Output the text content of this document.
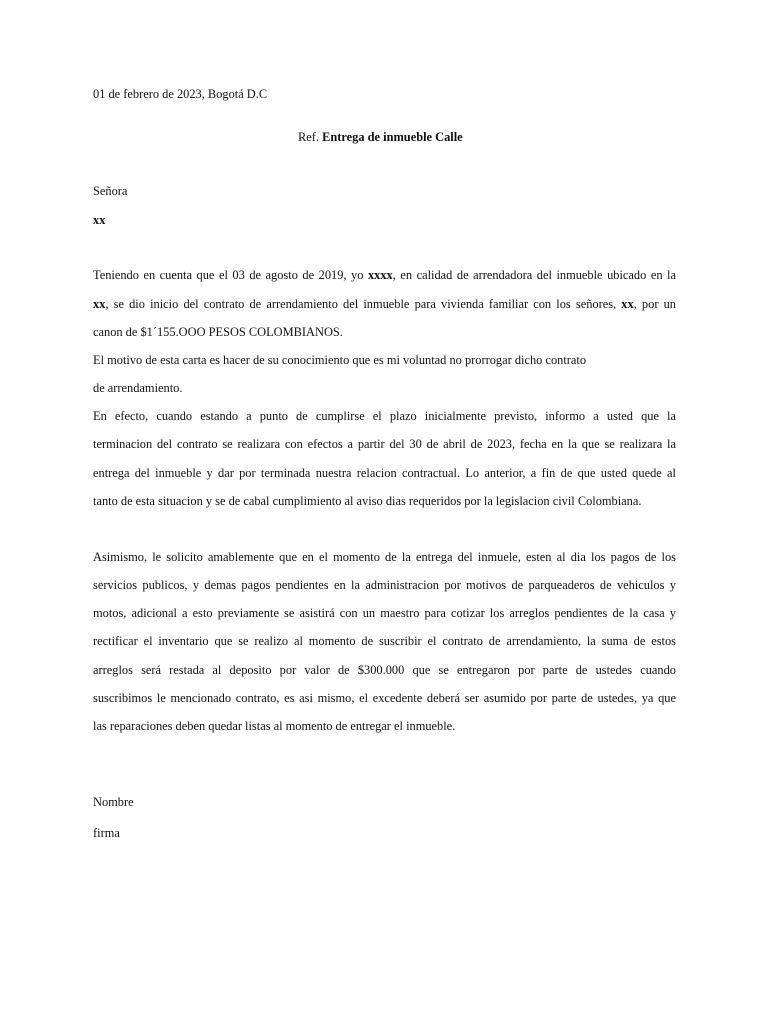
01 de febrero de 2023, Bogotá D.C
Ref. Entrega de inmueble Calle
Señora
xx
Teniendo en cuenta que el 03 de agosto de 2019, yo xxxx, en calidad de arrendadora del inmueble ubicado en la
xx, se dio inicio del contrato de arrendamiento del inmueble para vivienda familiar con los señores, xx, por un
canon de $1´155.OOO PESOS COLOMBIANOS.
El motivo de esta carta es hacer de su conocimiento que es mi voluntad no prorrogar dicho contrato
de arrendamiento.
En efecto, cuando estando a punto de cumplirse el plazo inicialmente previsto, informo a usted que la
terminacion del contrato se realizara con efectos a partir del 30 de abril de 2023, fecha en la que se realizara la
entrega del inmueble y dar por terminada nuestra relacion contractual. Lo anterior, a fin de que usted quede al
tanto de esta situacion y se de cabal cumplimiento al aviso dias requeridos por la legislacion civil Colombiana.
Asimismo, le solicito amablemente que en el momento de la entrega del inmuele, esten al dia los pagos de los
servicios publicos, y demas pagos pendientes en la administracion por motivos de parqueaderos de vehiculos y
motos, adicional a esto previamente se asistirá con un maestro para cotizar los arreglos pendientes de la casa y
rectificar el inventario que se realizo al momento de suscribir el contrato de arrendamiento, la suma de estos
arreglos será restada al deposito por valor de $300.000 que se entregaron por parte de ustedes cuando
suscribimos le mencionado contrato, es asi mismo, el excedente deberá ser asumido por parte de ustedes, ya que
las reparaciones deben quedar listas al momento de entregar el inmueble.
Nombre
firma
